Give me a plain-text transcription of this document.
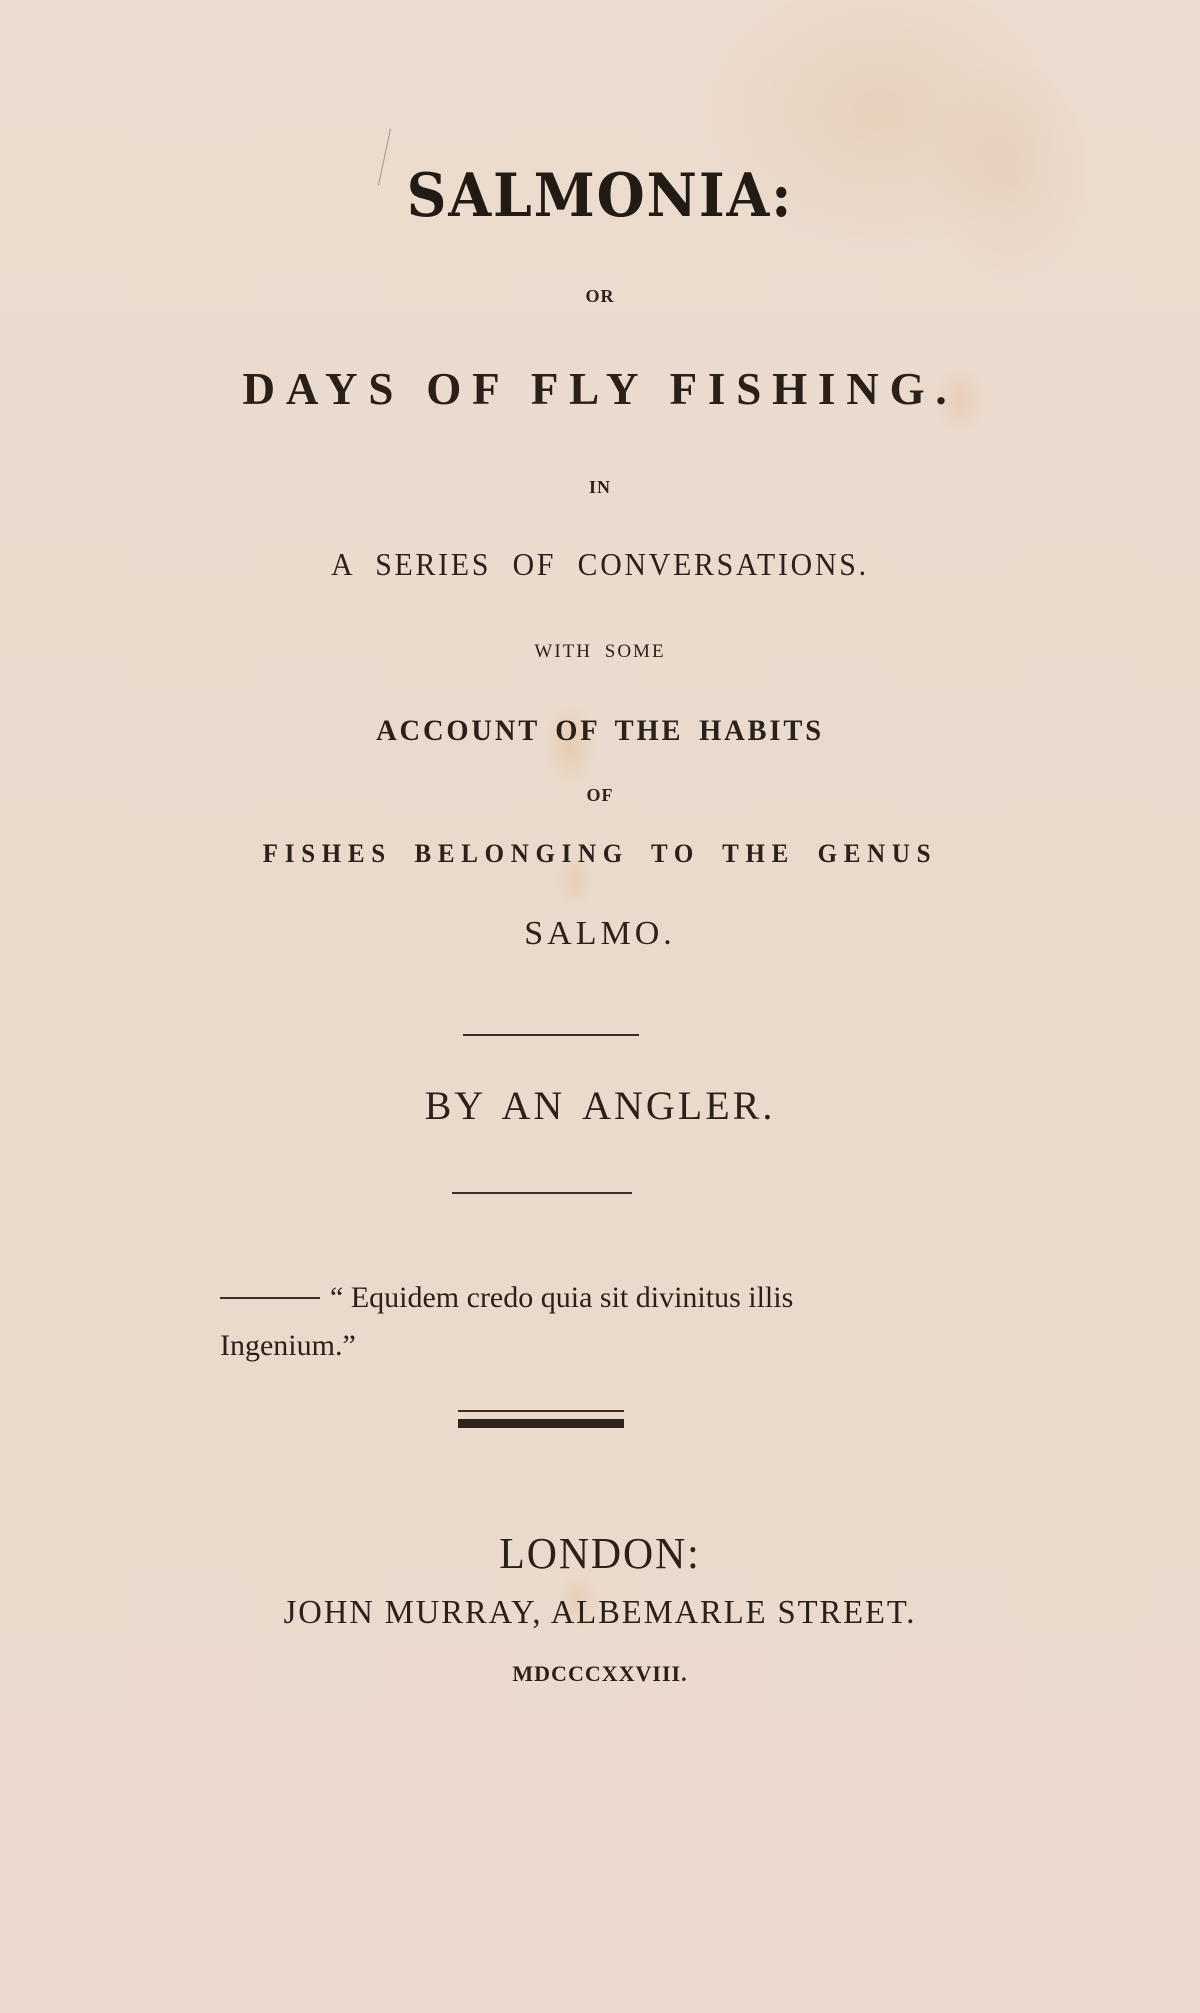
SALMONIA:

OR

DAYS OF FLY FISHING.

IN

A SERIES OF CONVERSATIONS.

WITH SOME

ACCOUNT OF THE HABITS

OF

FISHES BELONGING TO THE GENUS

SALMO.

BY AN ANGLER.

“ Equidem credo quia sit divinitus illis
Ingenium.”

LONDON:

JOHN MURRAY, ALBEMARLE STREET.

MDCCCXXVIII.
